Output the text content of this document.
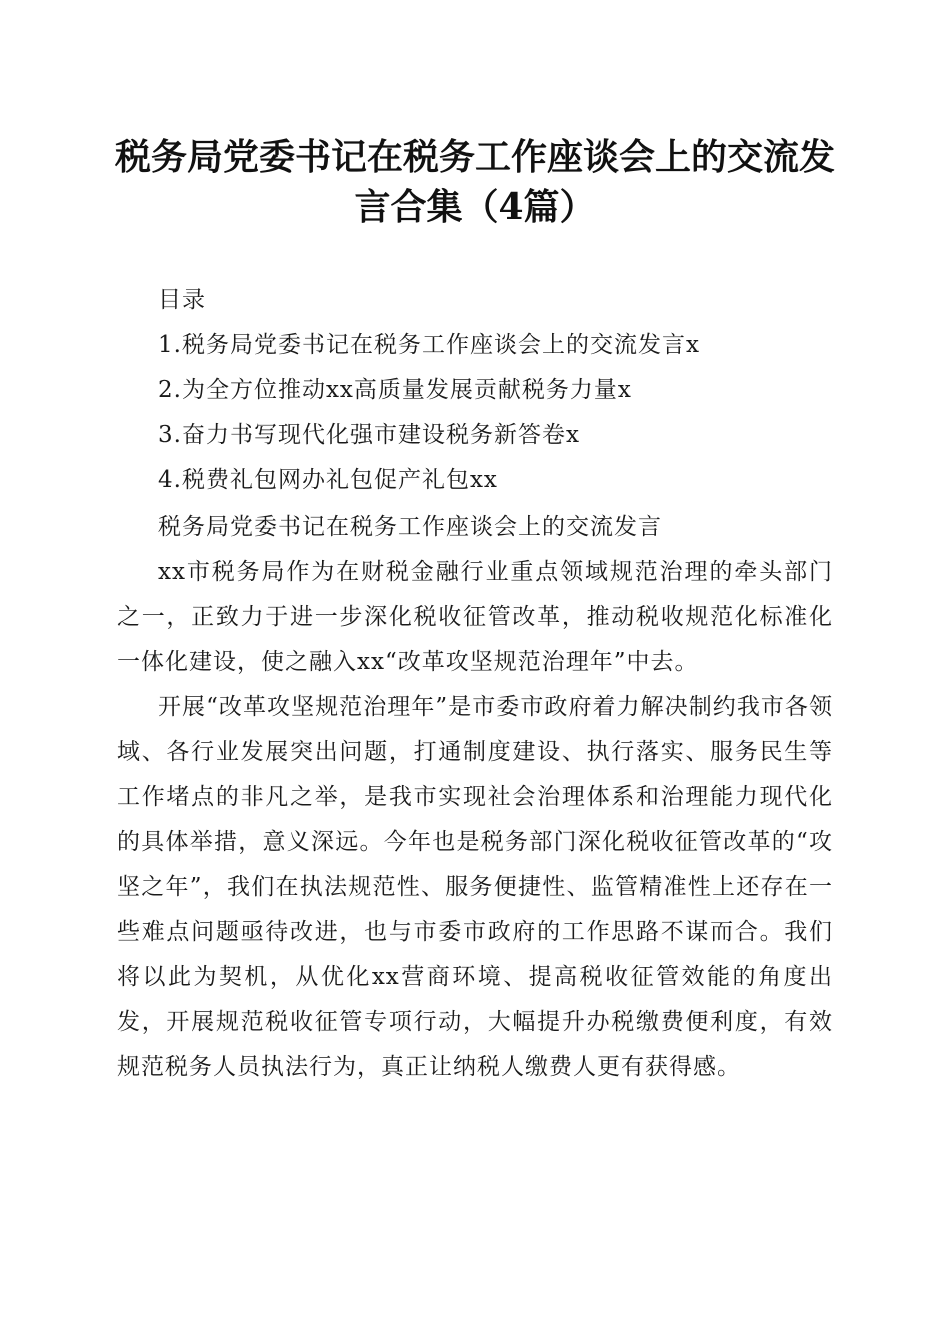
税务局党委书记在税务工作座谈会上的交流发言合集（4篇）
目录
1.税务局党委书记在税务工作座谈会上的交流发言x
2.为全方位推动xx高质量发展贡献税务力量x
3.奋力书写现代化强市建设税务新答卷x
4.税费礼包网办礼包促产礼包xx
税务局党委书记在税务工作座谈会上的交流发言

xx市税务局作为在财税金融行业重点领域规范治理的牵头部门之一，正致力于进一步深化税收征管改革，推动税收规范化标准化一体化建设，使之融入xx“改革攻坚规范治理年”中去。

开展“改革攻坚规范治理年”是市委市政府着力解决制约我市各领域、各行业发展突出问题，打通制度建设、执行落实、服务民生等工作堵点的非凡之举，是我市实现社会治理体系和治理能力现代化的具体举措，意义深远。今年也是税务部门深化税收征管改革的“攻坚之年”，我们在执法规范性、服务便捷性、监管精准性上还存在一些难点问题亟待改进，也与市委市政府的工作思路不谋而合。我们将以此为契机，从优化xx营商环境、提高税收征管效能的角度出发，开展规范税收征管专项行动，大幅提升办税缴费便利度，有效规范税务人员执法行为，真正让纳税人缴费人更有获得感。
